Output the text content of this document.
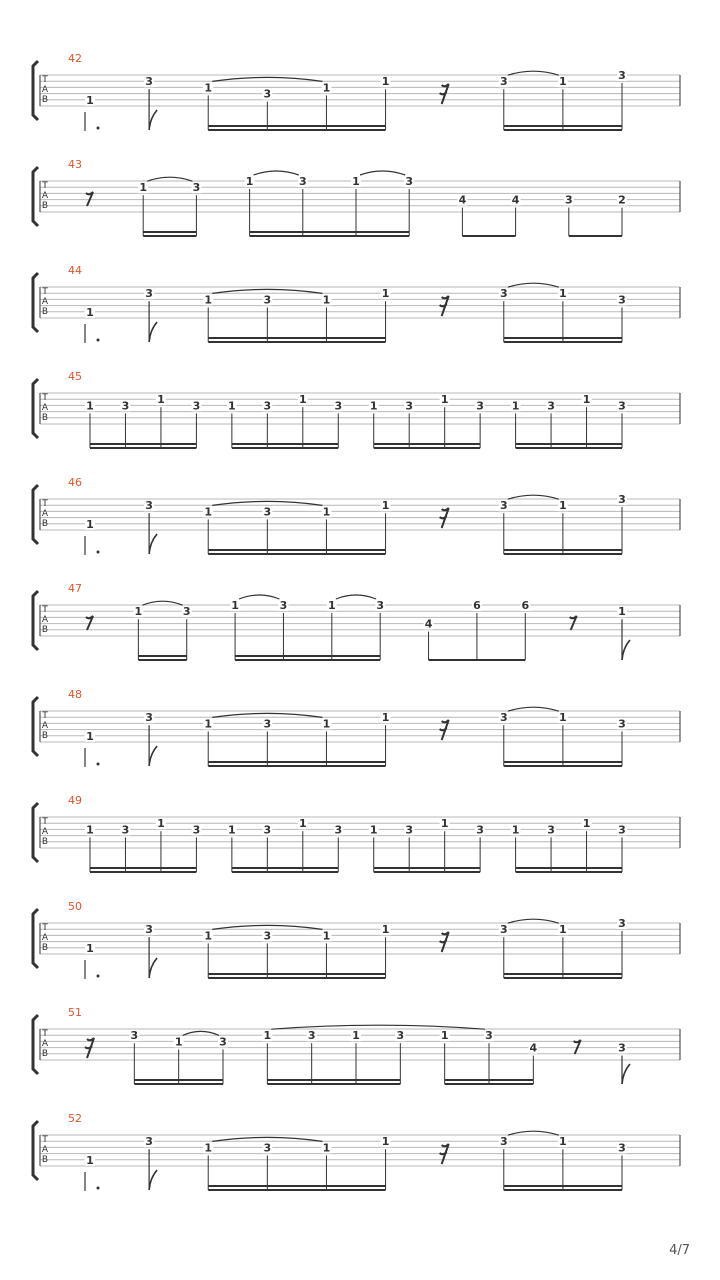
42
T
A
B	1
3	1	3	1	1	3	1	3
43
T
A
B
1	3	1	3	1	3
4	4	3	2
44
T
A
B	1
3	1	3	1	1	3	1	3
45
T
A
B
1	3	1	3	1	3	1	3	1	3	1	3	1	3	1	3
46
T
A
B	1
3	1	3	1	1	3	1	3
47
T
A
B
1	3	1	3	1	3
4
6	6	1
48
T
A
B	1
3	1	3	1	1	3	1	3
49
T
A
B
1	3	1	3	1	3	1	3	1	3	1	3	1	3	1	3
50
T
A
B	1
3	1	3	1	1	3	1	3
51
T
A
B
3	1	3	1	3	1	3	1	3
4	3
52
T
A
B	1
3	1	3	1	1	3	1	3
4/7
